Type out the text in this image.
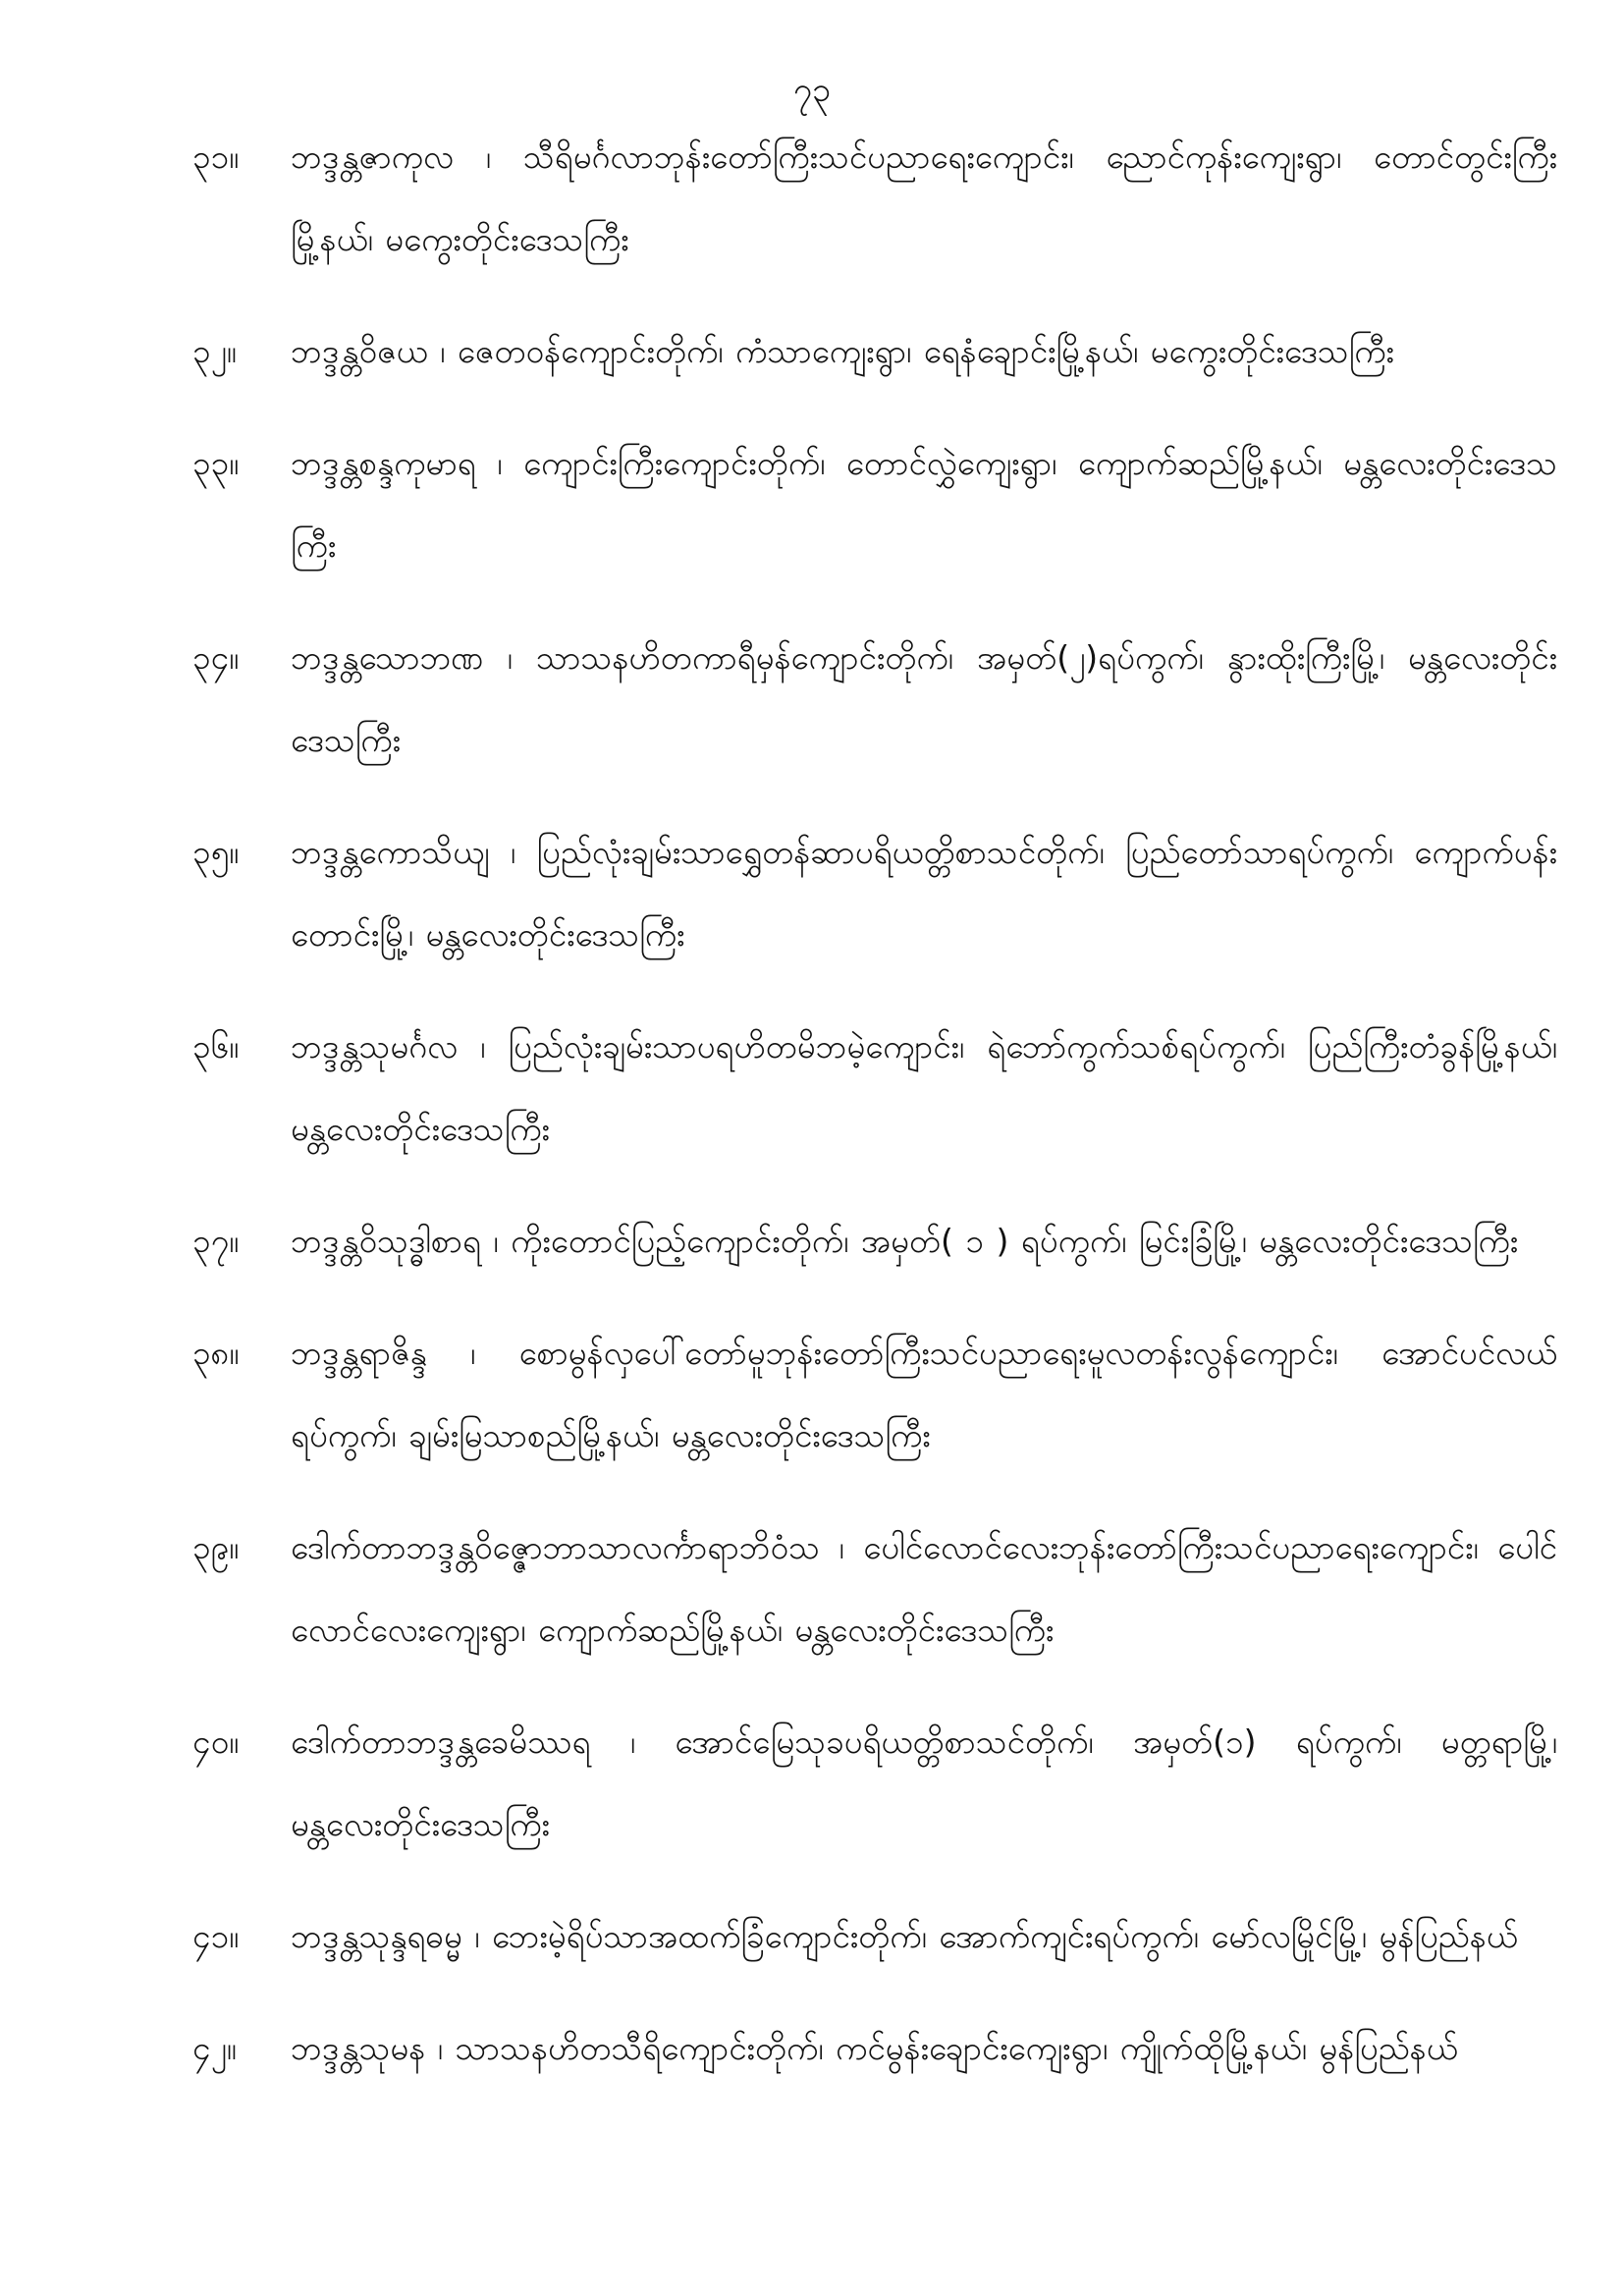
၇၃
၃၁။	ဘဒ္ဒန္တဇာကုလ ၊ သီရိမင်္ဂလာဘုန်းတော်ကြီးသင်ပညာရေးကျောင်း၊ ညောင်ကုန်းကျေးရွာ၊ တောင်တွင်းကြီးမြို့နယ်၊ မကွေးတိုင်းဒေသကြီး
၃၂။	ဘဒ္ဒန္တဝိဇယ ၊ ဇေတဝန်ကျောင်းတိုက်၊ ကံသာကျေးရွာ၊ ရေနံချောင်းမြို့နယ်၊ မကွေးတိုင်းဒေသကြီး
၃၃။	ဘဒ္ဒန္တစန္ဒကုမာရ ၊ ကျောင်းကြီးကျောင်းတိုက်၊ တောင်လွှဲကျေးရွာ၊ ကျောက်ဆည်မြို့နယ်၊ မန္တလေးတိုင်းဒေသကြီး
၃၄။	ဘဒ္ဒန္တသောဘဏ ၊ သာသနဟိတကာရီမှန်ကျောင်းတိုက်၊ အမှတ်(၂)ရပ်ကွက်၊ နွားထိုးကြီးမြို့၊ မန္တလေးတိုင်းဒေသကြီး
၃၅။	ဘဒ္ဒန္တကောသိယျ ၊ ပြည်လုံးချမ်းသာရွှေတန်ဆာပရိယတ္တိစာသင်တိုက်၊ ပြည်တော်သာရပ်ကွက်၊ ကျောက်ပန်းတောင်းမြို့၊ မန္တလေးတိုင်းဒေသကြီး
၃၆။	ဘဒ္ဒန္တသုမင်္ဂလ ၊ ပြည်လုံးချမ်းသာပရဟိတမိဘမဲ့ကျောင်း၊ ရဲဘော်ကွက်သစ်ရပ်ကွက်၊ ပြည်ကြီးတံခွန်မြို့နယ်၊ မန္တလေးတိုင်းဒေသကြီး
၃၇။	ဘဒ္ဒန္တဝိသုဒ္ဓါစာရ ၊ ကိုးတောင်ပြည့်ကျောင်းတိုက်၊ အမှတ်( ၁ ) ရပ်ကွက်၊ မြင်းခြံမြို့၊ မန္တလေးတိုင်းဒေသကြီး
၃၈။	ဘဒ္ဒန္တရာဇိန္ဒ ၊ စောမွန်လှပေါ်တော်မူဘုန်းတော်ကြီးသင်ပညာရေးမူလတန်းလွန်ကျောင်း၊ အောင်ပင်လယ်ရပ်ကွက်၊ ချမ်းမြသာစည်မြို့နယ်၊ မန္တလေးတိုင်းဒေသကြီး
၃၉။	ဒေါက်တာဘဒ္ဒန္တဝိဇ္ဇောဘာသာလင်္ကာရာဘိဝံသ ၊ ပေါင်လောင်လေးဘုန်းတော်ကြီးသင်ပညာရေးကျောင်း၊ ပေါင်လောင်လေးကျေးရွာ၊ ကျောက်ဆည်မြို့နယ်၊ မန္တလေးတိုင်းဒေသကြီး
၄၀။	ဒေါက်တာဘဒ္ဒန္တခေမိဿရ ၊ အောင်မြေသုခပရိယတ္တိစာသင်တိုက်၊ အမှတ်(၁) ရပ်ကွက်၊ မတ္တရာမြို့၊ မန္တလေးတိုင်းဒေသကြီး
၄၁။	ဘဒ္ဒန္တသုန္ဒရဓမ္မ ၊ ဘေးမဲ့ရိပ်သာအထက်ခြံကျောင်းတိုက်၊ အောက်ကျင်းရပ်ကွက်၊ မော်လမြိုင်မြို့၊ မွန်ပြည်နယ်
၄၂။	ဘဒ္ဒန္တသုမန ၊ သာသနဟိတသီရိကျောင်းတိုက်၊ ကင်မွန်းချောင်းကျေးရွာ၊ ကျိုက်ထိုမြို့နယ်၊ မွန်ပြည်နယ်
